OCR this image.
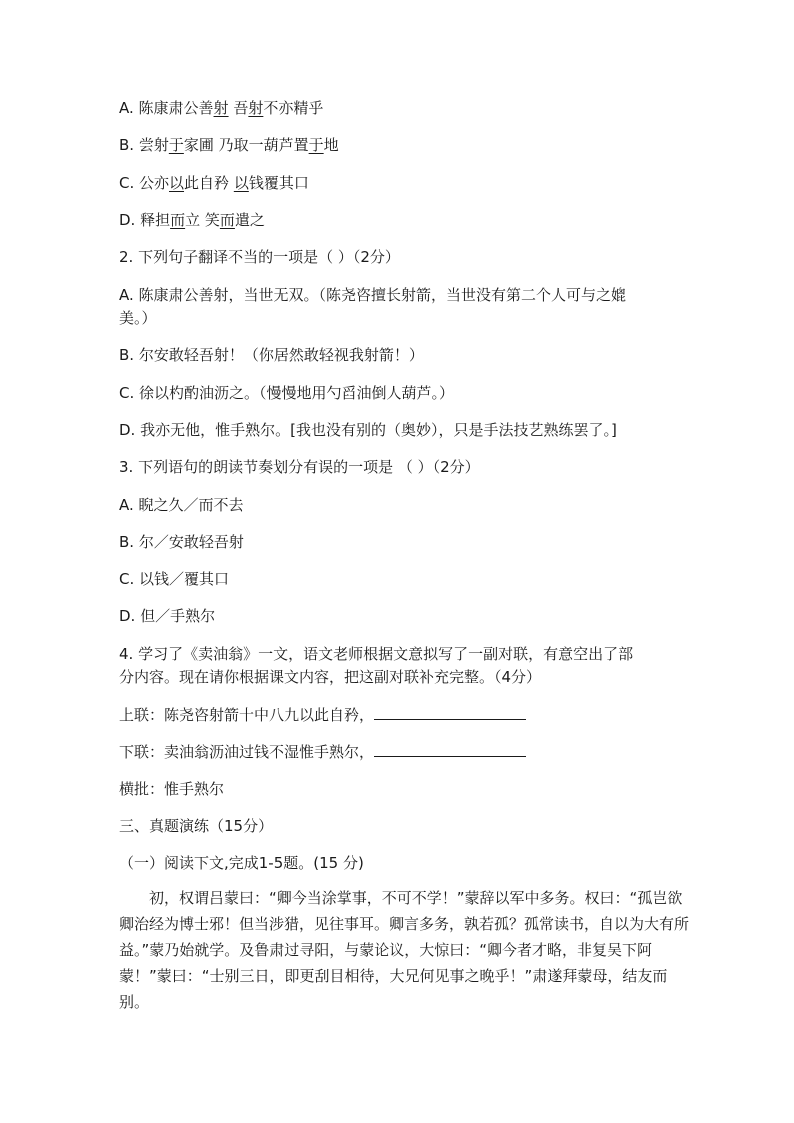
A. 陈康肃公善射 吾射不亦精乎
B. 尝射于家圃 乃取一葫芦置于地
C. 公亦以此自矜 以钱覆其口
D. 释担而立 笑而遣之
2. 下列句子翻译不当的一项是（ ）（2分）
A. 陈康肃公善射，当世无双。（陈尧咨擅长射箭，当世没有第二个人可与之媲
美。）
B. 尔安敢轻吾射！（你居然敢轻视我射箭！）
C. 徐以杓酌油沥之。（慢慢地用勺舀油倒人葫芦。）
D. 我亦无他，惟手熟尔。[我也没有别的（奥妙），只是手法技艺熟练罢了。]
3. 下列语句的朗读节奏划分有误的一项是 （ ）（2分）
A. 睨之久／而不去
B. 尔／安敢轻吾射
C. 以钱／覆其口
D. 但／手熟尔
4. 学习了《卖油翁》一文，语文老师根据文意拟写了一副对联，有意空出了部
分内容。现在请你根据课文内容，把这副对联补充完整。（4分）
上联：陈尧咨射箭十中八九以此自矜，
下联：卖油翁沥油过钱不湿惟手熟尔，
横批：惟手熟尔
三、真题演练（15分）
（一）阅读下文,完成1-5题。(15 分)
初，权谓吕蒙曰：“卿今当涂掌事，不可不学！”蒙辞以军中多务。权曰：“孤岂欲卿治经为博士邪！但当涉猎，见往事耳。卿言多务，孰若孤？孤常读书，自以为大有所益。”蒙乃始就学。及鲁肃过寻阳，与蒙论议，大惊曰：“卿今者才略，非复吴下阿蒙！”蒙曰：“士别三日，即更刮目相待，大兄何见事之晚乎！”肃遂拜蒙母，结友而别。
